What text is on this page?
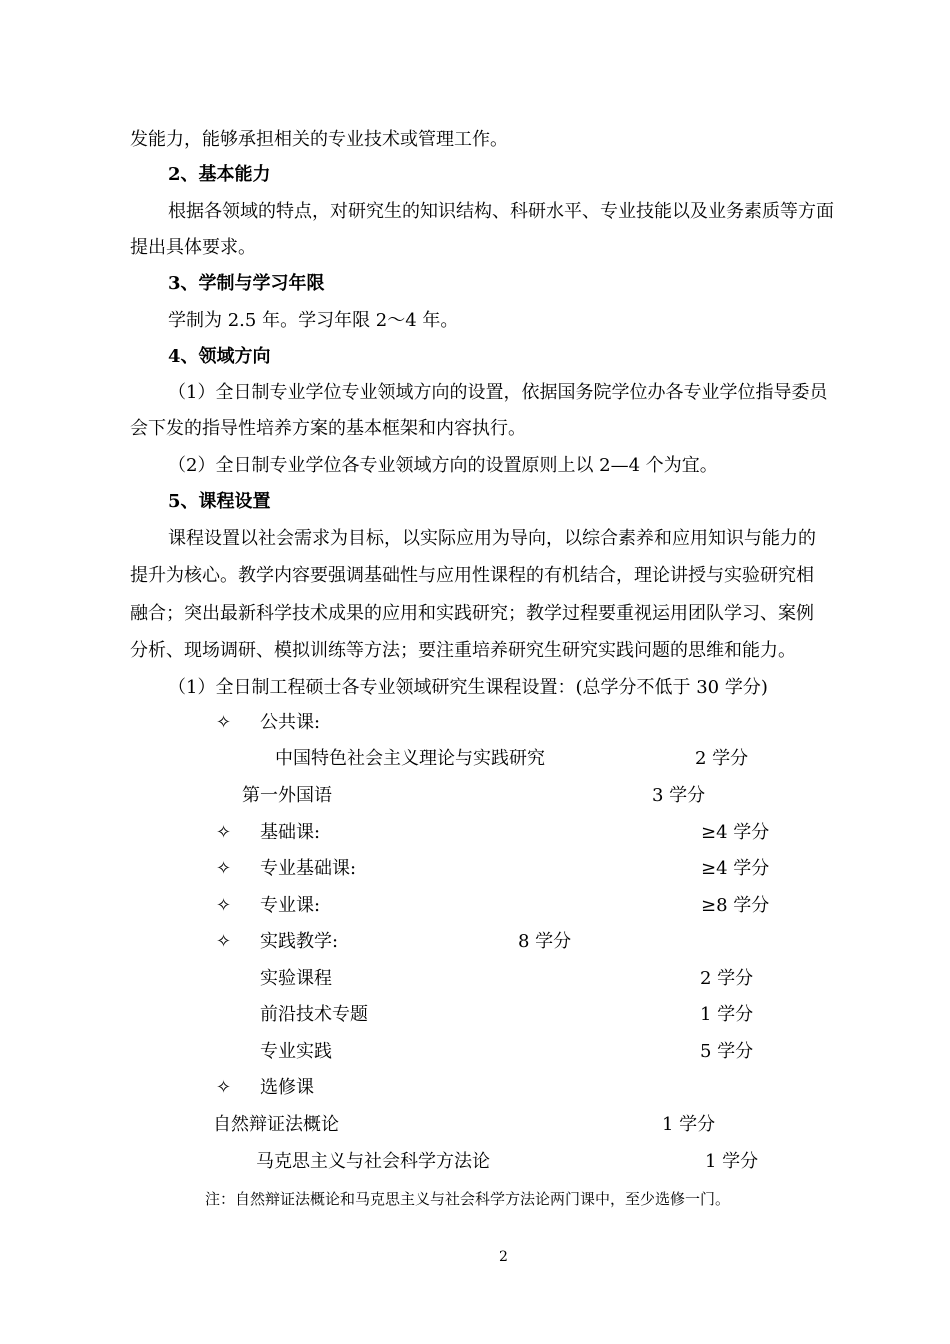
发能力，能够承担相关的专业技术或管理工作。
2、基本能力
根据各领域的特点，对研究生的知识结构、科研水平、专业技能以及业务素质等方面
提出具体要求。
3、学制与学习年限
学制为 2.5 年。学习年限 2～4 年。
4、领域方向
（1）全日制专业学位专业领域方向的设置，依据国务院学位办各专业学位指导委员
会下发的指导性培养方案的基本框架和内容执行。
（2）全日制专业学位各专业领域方向的设置原则上以 2—4 个为宜。
5、课程设置
课程设置以社会需求为目标，以实际应用为导向，以综合素养和应用知识与能力的
提升为核心。教学内容要强调基础性与应用性课程的有机结合，理论讲授与实验研究相
融合；突出最新科学技术成果的应用和实践研究；教学过程要重视运用团队学习、案例
分析、现场调研、模拟训练等方法；要注重培养研究生研究实践问题的思维和能力。
（1）全日制工程硕士各专业领域研究生课程设置：(总学分不低于 30 学分)
✧ 公共课:
中国特色社会主义理论与实践研究	2 学分
第一外国语	3 学分
✧ 基础课:	≥4 学分
✧ 专业基础课:	≥4 学分
✧ 专业课:	≥8 学分
✧ 实践教学:	8 学分
实验课程	2 学分
前沿技术专题	1 学分
专业实践	5 学分
✧ 选修课
自然辩证法概论	1 学分
马克思主义与社会科学方法论	1 学分
注：自然辩证法概论和马克思主义与社会科学方法论两门课中，至少选修一门。
2
